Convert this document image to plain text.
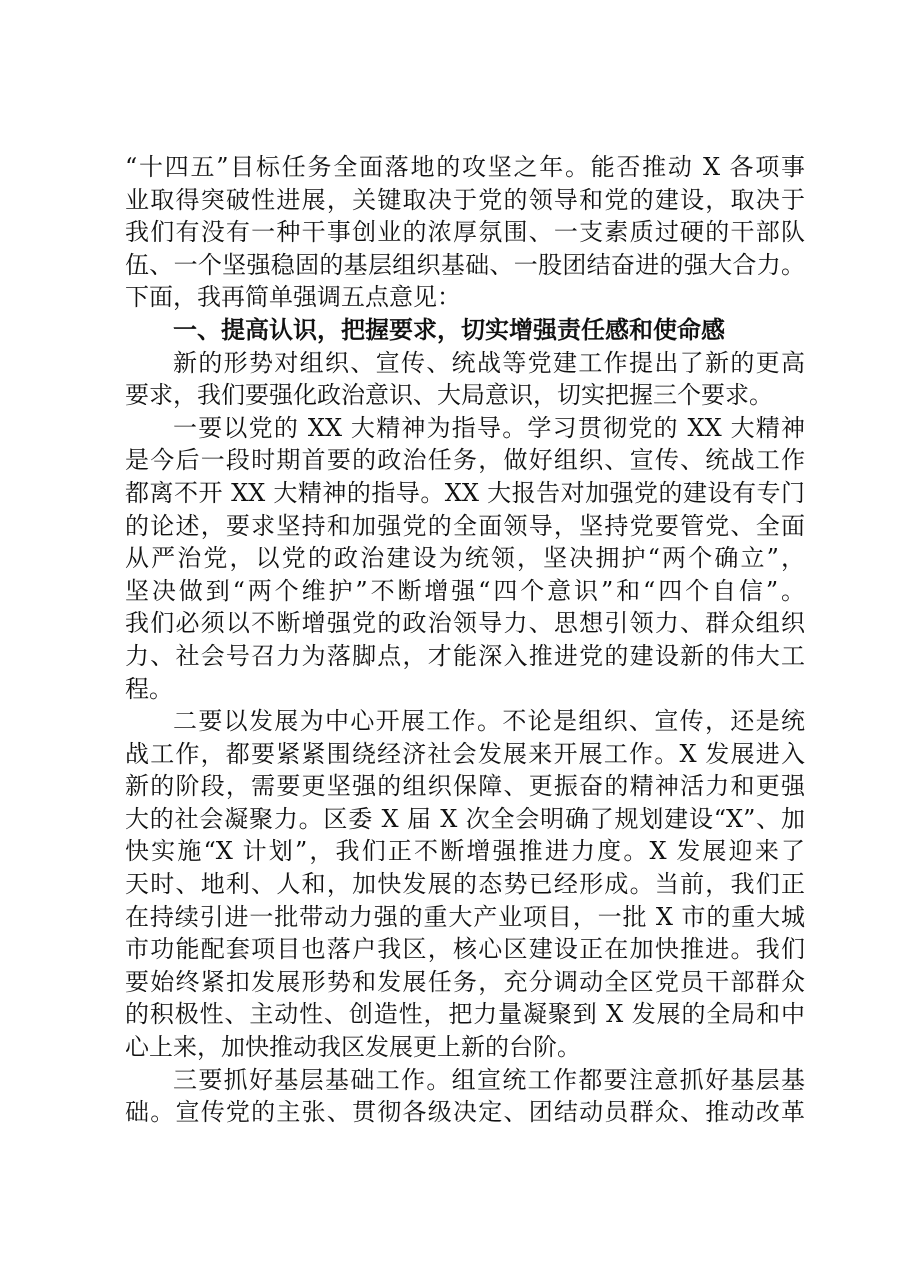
“十四五”目标任务全面落地的攻坚之年。能否推动 X 各项事
业取得突破性进展，关键取决于党的领导和党的建设，取决于
我们有没有一种干事创业的浓厚氛围、一支素质过硬的干部队
伍、一个坚强稳固的基层组织基础、一股团结奋进的强大合力。
下面，我再简单强调五点意见：
一、提高认识，把握要求，切实增强责任感和使命感
新的形势对组织、宣传、统战等党建工作提出了新的更高
要求，我们要强化政治意识、大局意识，切实把握三个要求。
一要以党的 XX 大精神为指导。学习贯彻党的 XX 大精神
是今后一段时期首要的政治任务，做好组织、宣传、统战工作
都离不开 XX 大精神的指导。XX 大报告对加强党的建设有专门
的论述，要求坚持和加强党的全面领导，坚持党要管党、全面
从严治党，以党的政治建设为统领，坚决拥护“两个确立”，
坚决做到“两个维护”不断增强“四个意识”和“四个自信”。
我们必须以不断增强党的政治领导力、思想引领力、群众组织
力、社会号召力为落脚点，才能深入推进党的建设新的伟大工
程。
二要以发展为中心开展工作。不论是组织、宣传，还是统
战工作，都要紧紧围绕经济社会发展来开展工作。X 发展进入
新的阶段，需要更坚强的组织保障、更振奋的精神活力和更强
大的社会凝聚力。区委 X 届 X 次全会明确了规划建设“X”、加
快实施“X 计划”，我们正不断增强推进力度。X 发展迎来了
天时、地利、人和，加快发展的态势已经形成。当前，我们正
在持续引进一批带动力强的重大产业项目，一批 X 市的重大城
市功能配套项目也落户我区，核心区建设正在加快推进。我们
要始终紧扣发展形势和发展任务，充分调动全区党员干部群众
的积极性、主动性、创造性，把力量凝聚到 X 发展的全局和中
心上来，加快推动我区发展更上新的台阶。
三要抓好基层基础工作。组宣统工作都要注意抓好基层基
础。宣传党的主张、贯彻各级决定、团结动员群众、推动改革
